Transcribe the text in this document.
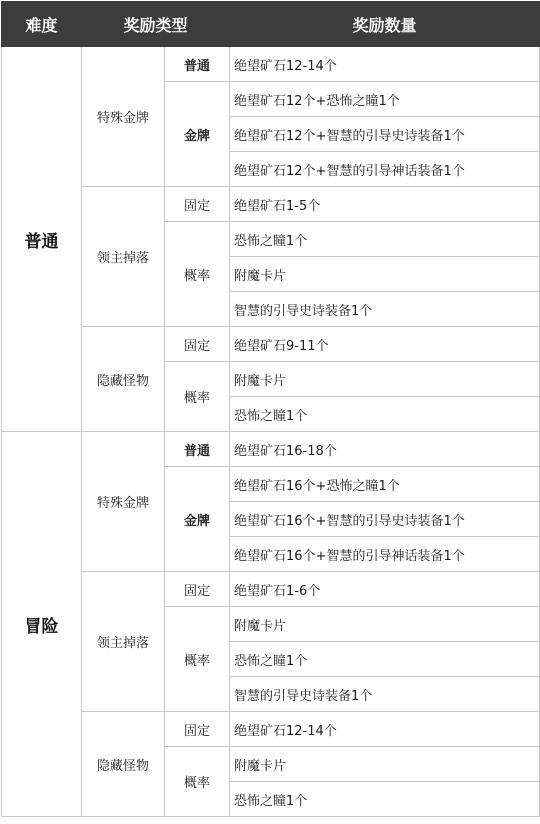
难度	奖励类型		奖励数量
普通	特殊金牌	普通	绝望矿石12-14个
		金牌	绝望矿石12个+恐怖之瞳1个
			绝望矿石12个+智慧的引导史诗装备1个
			绝望矿石12个+智慧的引导神话装备1个
	领主掉落	固定	绝望矿石1-5个
		概率	恐怖之瞳1个
			附魔卡片
			智慧的引导史诗装备1个
	隐藏怪物	固定	绝望矿石9-11个
		概率	附魔卡片
			恐怖之瞳1个
冒险	特殊金牌	普通	绝望矿石16-18个
		金牌	绝望矿石16个+恐怖之瞳1个
			绝望矿石16个+智慧的引导史诗装备1个
			绝望矿石16个+智慧的引导神话装备1个
	领主掉落	固定	绝望矿石1-6个
		概率	附魔卡片
			恐怖之瞳1个
			智慧的引导史诗装备1个
	隐藏怪物	固定	绝望矿石12-14个
		概率	附魔卡片
			恐怖之瞳1个
